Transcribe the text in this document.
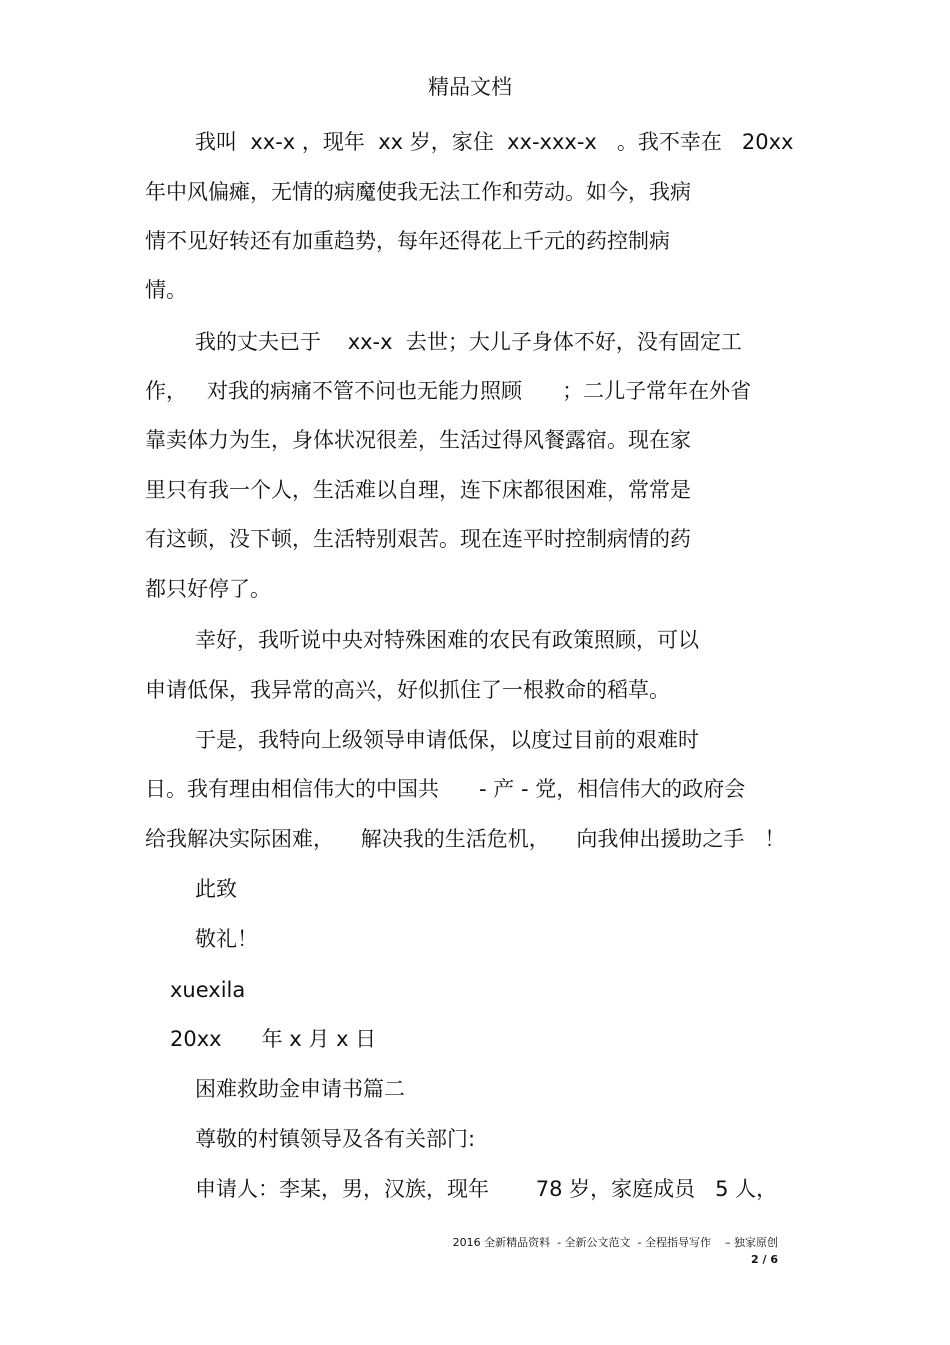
精品文档
我叫  xx-x ，现年  xx 岁，家住  xx-xxx-x   。我不幸在   20xx
年中风偏瘫，无情的病魔使我无法工作和劳动。如今，我病
情不见好转还有加重趋势，每年还得花上千元的药控制病
情。
我的丈夫已于    xx-x  去世；大儿子身体不好，没有固定工
作，   对我的病痛不管不问也无能力照顾      ；二儿子常年在外省
靠卖体力为生，身体状况很差，生活过得风餐露宿。现在家
里只有我一个人，生活难以自理，连下床都很困难，常常是
有这顿，没下顿，生活特别艰苦。现在连平时控制病情的药
都只好停了。
幸好，我听说中央对特殊困难的农民有政策照顾，可以
申请低保，我异常的高兴，好似抓住了一根救命的稻草。
于是，我特向上级领导申请低保，以度过目前的艰难时
日。我有理由相信伟大的中国共      - 产 - 党，相信伟大的政府会
给我解决实际困难，    解决我的生活危机，    向我伸出援助之手   ！
此致
敬礼！
xuexila
20xx      年 x 月 x 日
困难救助金申请书篇二
尊敬的村镇领导及各有关部门:
申请人：李某，男，汉族，现年       78 岁，家庭成员   5 人，
2016 全新精品资料  - 全新公文范文  - 全程指导写作    – 独家原创
2 / 6
